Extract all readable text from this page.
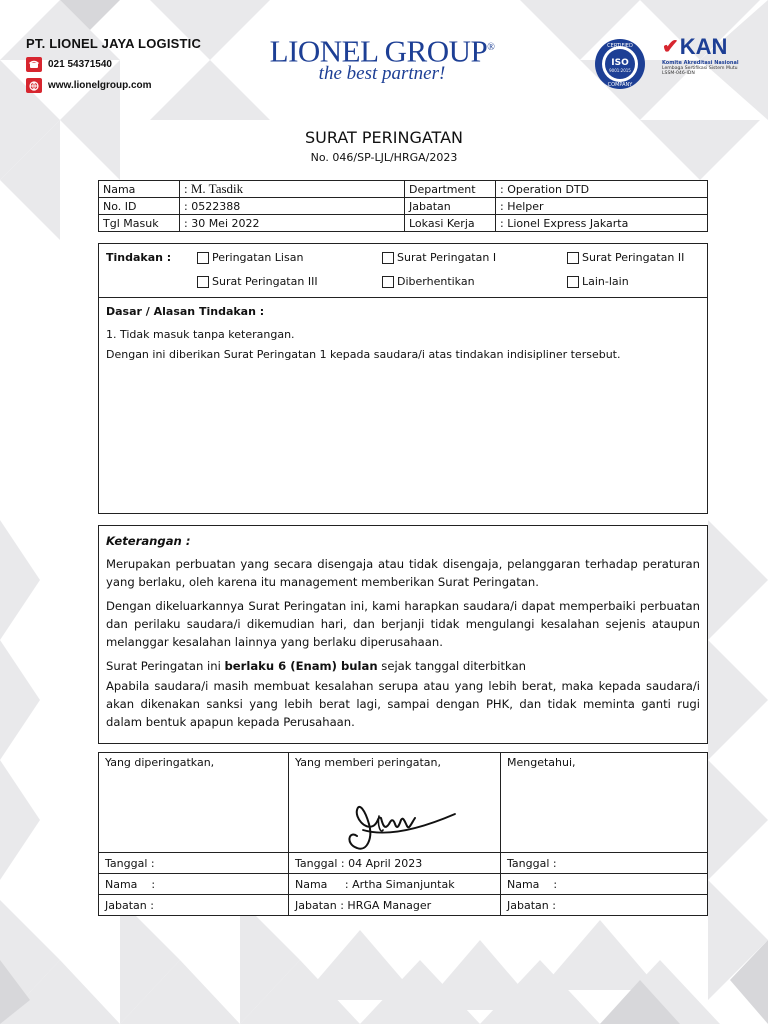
PT. LIONEL JAYA LOGISTIC
021 54371540
www.lionelgroup.com
LIONEL GROUP®
the best partner!
CERTIFIED
ISO
9001:2015
COMPANY
✔ KAN
Komite Akreditasi Nasional
Lembaga Sertifikasi Sistem Mutu
LSSM-046-IDN
SURAT PERINGATAN
No. 046/SP-LJL/HRGA/2023
Nama	: M. Tasdik	Department	: Operation DTD
No. ID	: 0522388	Jabatan	: Helper
Tgl Masuk	: 30 Mei 2022	Lokasi Kerja	: Lionel Express Jakarta
Tindakan :	Peringatan Lisan	Surat Peringatan I	Surat Peringatan II
Surat Peringatan III	Diberhentikan	Lain-lain

Dasar / Alasan Tindakan :

1. Tidak masuk tanpa keterangan.

Dengan ini diberikan Surat Peringatan 1 kepada saudara/i atas tindakan indisipliner tersebut.

Keterangan :

Merupakan perbuatan yang secara disengaja atau tidak disengaja, pelanggaran terhadap peraturan yang berlaku, oleh karena itu management memberikan Surat Peringatan.

Dengan dikeluarkannya Surat Peringatan ini, kami harapkan saudara/i dapat memperbaiki perbuatan dan perilaku saudara/i dikemudian hari, dan berjanji tidak mengulangi kesalahan sejenis ataupun melanggar kesalahan lainnya yang berlaku diperusahaan.

Surat Peringatan ini berlaku 6 (Enam) bulan sejak tanggal diterbitkan

Apabila saudara/i masih membuat kesalahan serupa atau yang lebih berat, maka kepada saudara/i akan dikenakan sanksi yang lebih berat lagi, sampai dengan PHK, dan tidak meminta ganti rugi dalam bentuk apapun kepada Perusahaan.

Yang diperingatkan,	Yang memberi peringatan,	Mengetahui,
Tanggal :	Tanggal : 04 April 2023	Tanggal :
Nama    :	Nama     : Artha Simanjuntak	Nama    :
Jabatan :	Jabatan : HRGA Manager	Jabatan :
